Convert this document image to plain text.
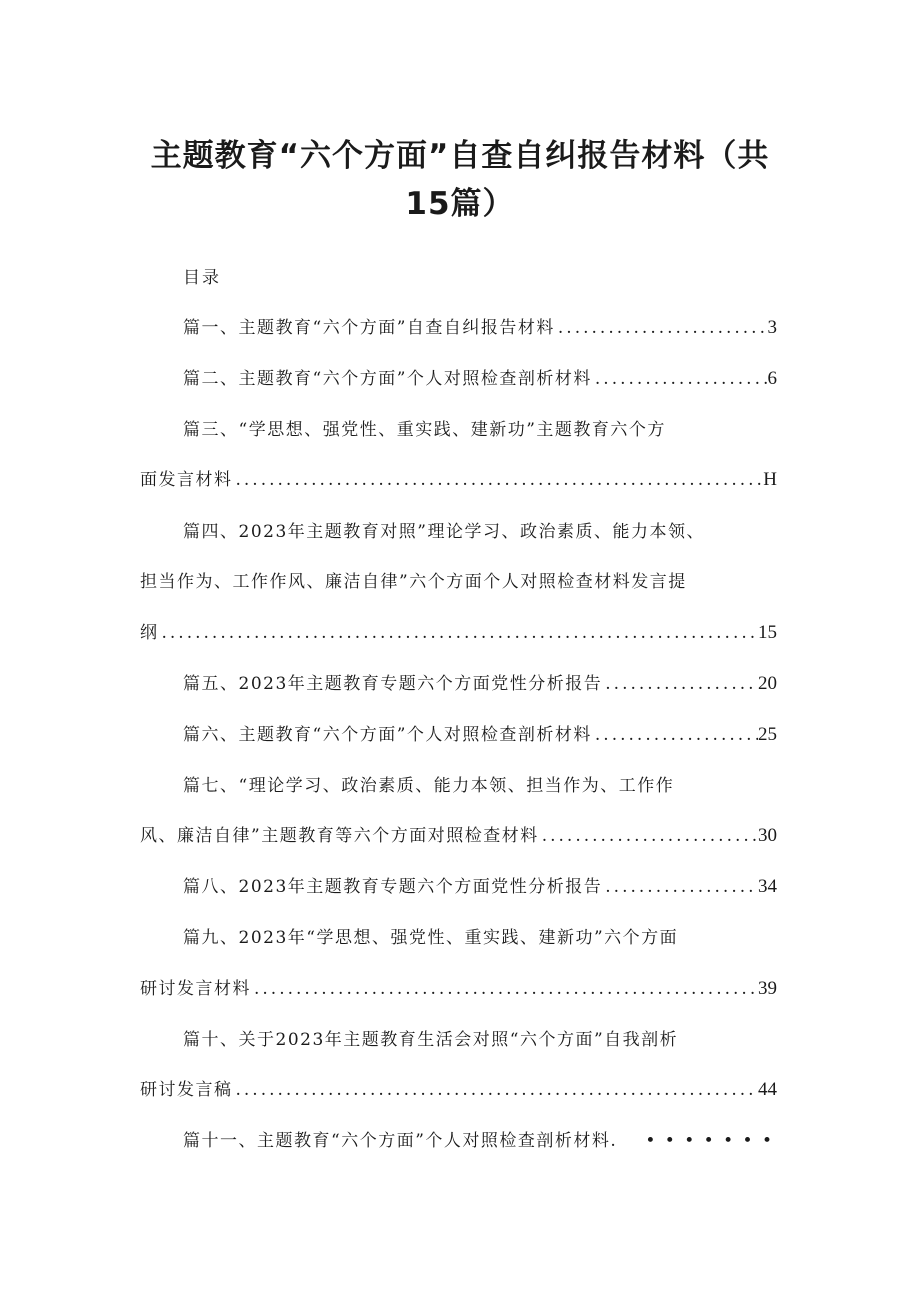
主题教育“六个方面”自查自纠报告材料（共
15篇）
目录
篇一、主题教育“六个方面”自查自纠报告材料 .....	3
篇二、主题教育“六个方面”个人对照检查剖析材料 .....	6
篇三、“学思想、强党性、重实践、建新功”主题教育六个方
面发言材料 .....	H
篇四、2023年主题教育对照”理论学习、政治素质、能力本领、
担当作为、工作作风、廉洁自律”六个方面个人对照检查材料发言提
纲 .....	15
篇五、2023年主题教育专题六个方面党性分析报告 .....	20
篇六、主题教育“六个方面”个人对照检查剖析材料 .....	25
篇七、“理论学习、政治素质、能力本领、担当作为、工作作
风、廉洁自律”主题教育等六个方面对照检查材料 .....	30
篇八、2023年主题教育专题六个方面党性分析报告 .....	34
篇九、2023年“学思想、强党性、重实践、建新功”六个方面
研讨发言材料 .....	39
篇十、关于2023年主题教育生活会对照“六个方面”自我剖析
研讨发言稿 .....	44
篇十一、主题教育“六个方面”个人对照检查剖析材料.
• •
